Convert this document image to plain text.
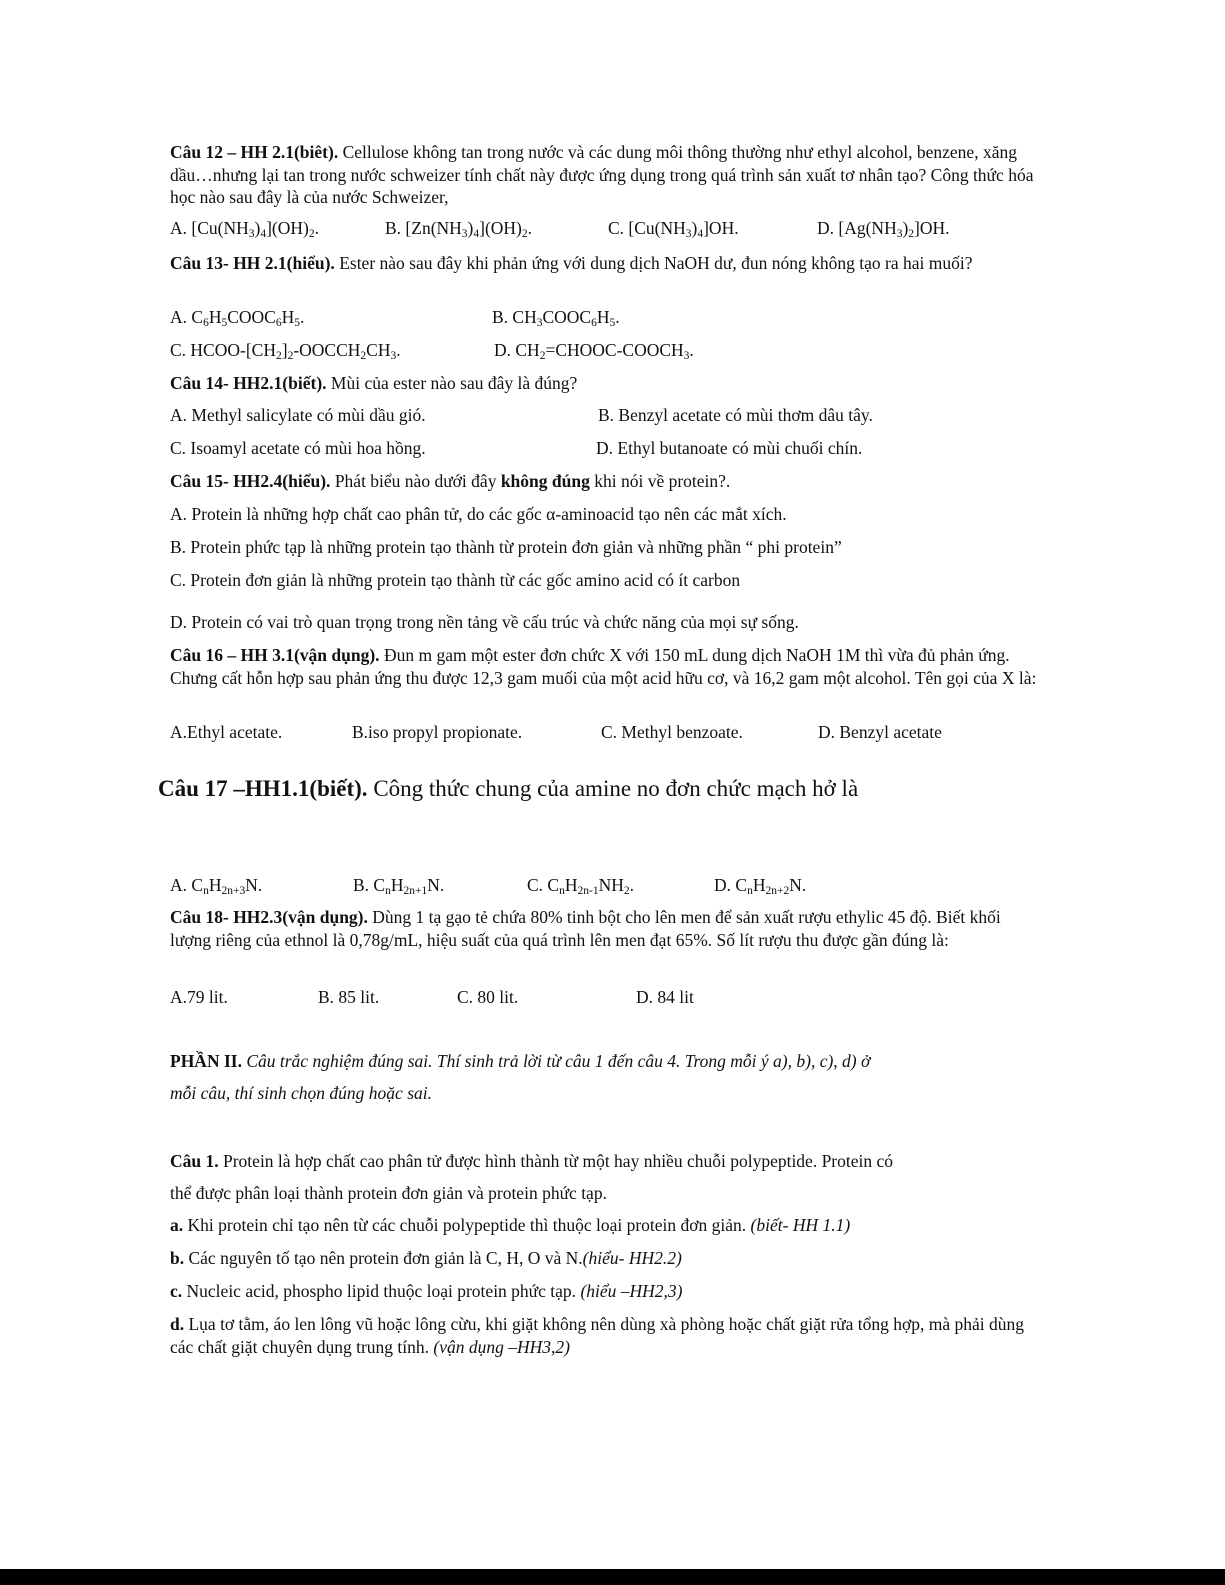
Câu 12 – HH 2.1(biêt). Cellulose không tan trong nước và các dung môi thông thường như ethyl alcohol, benzene, xăng dầu…nhưng lại tan trong nước schweizer tính chất này được ứng dụng trong quá trình sản xuất tơ nhân tạo? Công thức hóa học nào sau đây là của nước Schweizer,
A. $[Cu(NH_3)_4](OH)_2$.	B. $[Zn(NH_3)_4](OH)_2$.	C. $[Cu(NH_3)_4]OH$.	D. $[Ag(NH_3)_2]OH$.
Câu 13- HH 2.1(hiểu). Ester nào sau đây khi phản ứng với dung dịch NaOH dư, đun nóng không tạo ra hai muối?
A. $C_6H_5COOC_6H_5$.	B. $CH_3COOC_6H_5$.
C. HCOO-$[CH_2]_2-OOCCH_2CH_3$.	D. $CH_2=CHOOC-COOCH_3$.
Câu 14- HH2.1(biết). Mùi của ester nào sau đây là đúng?
A. Methyl salicylate có mùi dầu gió.	B. Benzyl acetate có mùi thơm dâu tây.
C. Isoamyl acetate có mùi hoa hồng.	D. Ethyl butanoate có mùi chuối chín.
Câu 15- HH2.4(hiểu). Phát biểu nào dưới đây không đúng khi nói về protein?.
A. Protein là những hợp chất cao phân tử, do các gốc α-aminoacid tạo nên các mắt xích.
B. Protein phức tạp là những protein tạo thành từ protein đơn giản và những phần “ phi protein”
C. Protein đơn giản là những protein tạo thành từ các gốc amino acid có ít carbon
D. Protein có vai trò quan trọng trong nền tảng về cấu trúc và chức năng của mọi sự sống.
Câu 16 – HH 3.1(vận dụng). Đun m gam một ester đơn chức X với 150 mL dung dịch NaOH 1M thì vừa đủ phản ứng. Chưng cất hỗn hợp sau phản ứng thu được 12,3 gam muối của một acid hữu cơ, và 16,2 gam một alcohol. Tên gọi của X là:
A.Ethyl acetate.	B.iso propyl propionate.	C. Methyl benzoate.	D. Benzyl acetate
Câu 17 –HH1.1(biết). Công thức chung của amine no đơn chức mạch hở là
A. $C_nH_{2n+3}N$.	B. $C_nH_{2n+1}N$.	C. $C_nH_{2n-1}NH_2$.	D. $C_nH_{2n+2}N$.
Câu 18- HH2.3(vận dụng). Dùng 1 tạ gạo tẻ chứa 80% tinh bột cho lên men để sản xuất rượu ethylic 45 độ. Biết khối lượng riêng của ethnol là 0,78g/mL, hiệu suất của quá trình lên men đạt 65%. Số lít rượu thu được gần đúng là:
A.79 lit.	B. 85 lit.	C. 80 lit.	D. 84 lit
PHẦN II. Câu trắc nghiệm đúng sai. Thí sinh trả lời từ câu 1 đến câu 4. Trong mỗi ý a), b), c), d) ở
mỗi câu, thí sinh chọn đúng hoặc sai.
Câu 1. Protein là hợp chất cao phân tử được hình thành từ một hay nhiều chuỗi polypeptide. Protein có
thể được phân loại thành protein đơn giản và protein phức tạp.
a. Khi protein chỉ tạo nên từ các chuỗi polypeptide thì thuộc loại protein đơn giản. (biết- HH 1.1)
b. Các nguyên tố tạo nên protein đơn giản là C, H, O và N.(hiểu- HH2.2)
c. Nucleic acid, phospho lipid thuộc loại protein phức tạp. (hiểu –HH2,3)
d. Lụa tơ tằm, áo len lông vũ hoặc lông cừu, khi giặt không nên dùng xà phòng hoặc chất giặt rửa tổng hợp, mà phải dùng các chất giặt chuyên dụng trung tính. (vận dụng –HH3,2)
